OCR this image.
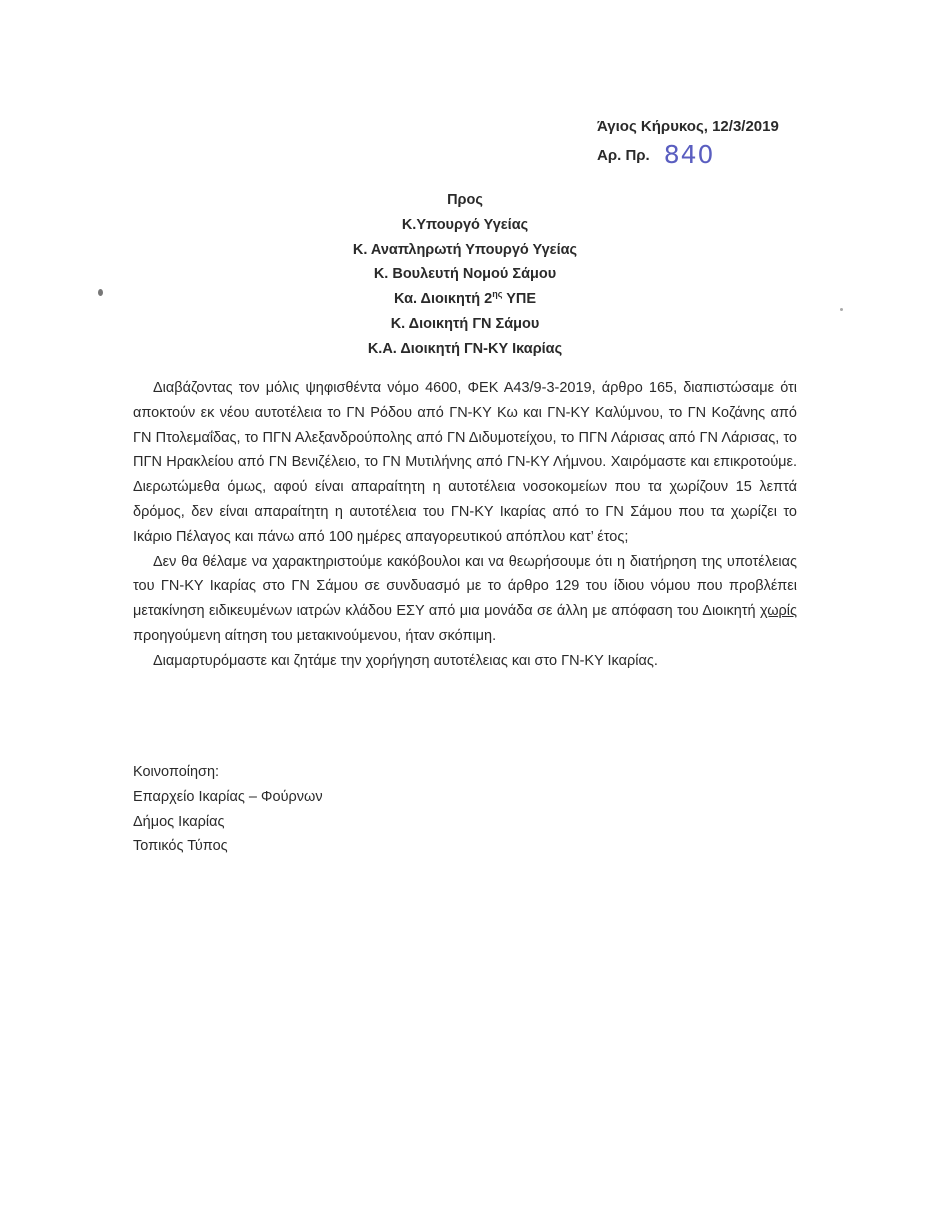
Άγιος Κήρυκος, 12/3/2019
Αρ. Πρ. 840
Προς
Κ.Υπουργό Υγείας
Κ. Αναπληρωτή Υπουργό Υγείας
Κ. Βουλευτή Νομού Σάμου
Κα. Διοικητή $2^{\eta\varsigma}$ ΥΠΕ
Κ. Διοικητή ΓΝ Σάμου
Κ.Α. Διοικητή ΓΝ-ΚΥ Ικαρίας

Διαβάζοντας τον μόλις ψηφισθέντα νόμο 4600, ΦΕΚ Α43/9-3-2019, άρθρο 165, διαπιστώσαμε ότι αποκτούν εκ νέου αυτοτέλεια το ΓΝ Ρόδου από ΓΝ-ΚΥ Κω και ΓΝ-ΚΥ Καλύμνου, το ΓΝ Κοζάνης από ΓΝ Πτολεμαΐδας, το ΠΓΝ Αλεξανδρούπολης από ΓΝ Διδυμοτείχου, το ΠΓΝ Λάρισας από ΓΝ Λάρισας, το ΠΓΝ Ηρακλείου από ΓΝ Βενιζέλειο, το ΓΝ Μυτιλήνης από ΓΝ-ΚΥ Λήμνου. Χαιρόμαστε και επικροτούμε. Διερωτώμεθα όμως, αφού είναι απαραίτητη η αυτοτέλεια νοσοκομείων που τα χωρίζουν 15 λεπτά δρόμος, δεν είναι απαραίτητη η αυτοτέλεια του ΓΝ-ΚΥ Ικαρίας από το ΓΝ Σάμου που τα χωρίζει το Ικάριο Πέλαγος και πάνω από 100 ημέρες απαγορευτικού απόπλου κατ’ έτος;

Δεν θα θέλαμε να χαρακτηριστούμε κακόβουλοι και να θεωρήσουμε ότι η διατήρηση της υποτέλειας του ΓΝ-ΚΥ Ικαρίας στο ΓΝ Σάμου σε συνδυασμό με το άρθρο 129 του ίδιου νόμου που προβλέπει μετακίνηση ειδικευμένων ιατρών κλάδου ΕΣΥ από μια μονάδα σε άλλη με απόφαση του Διοικητή χωρίς προηγούμενη αίτηση του μετακινούμενου, ήταν σκόπιμη.

Διαμαρτυρόμαστε και ζητάμε την χορήγηση αυτοτέλειας και στο ΓΝ-ΚΥ Ικαρίας.

Κοινοποίηση:
Επαρχείο Ικαρίας – Φούρνων
Δήμος Ικαρίας
Τοπικός Τύπος
